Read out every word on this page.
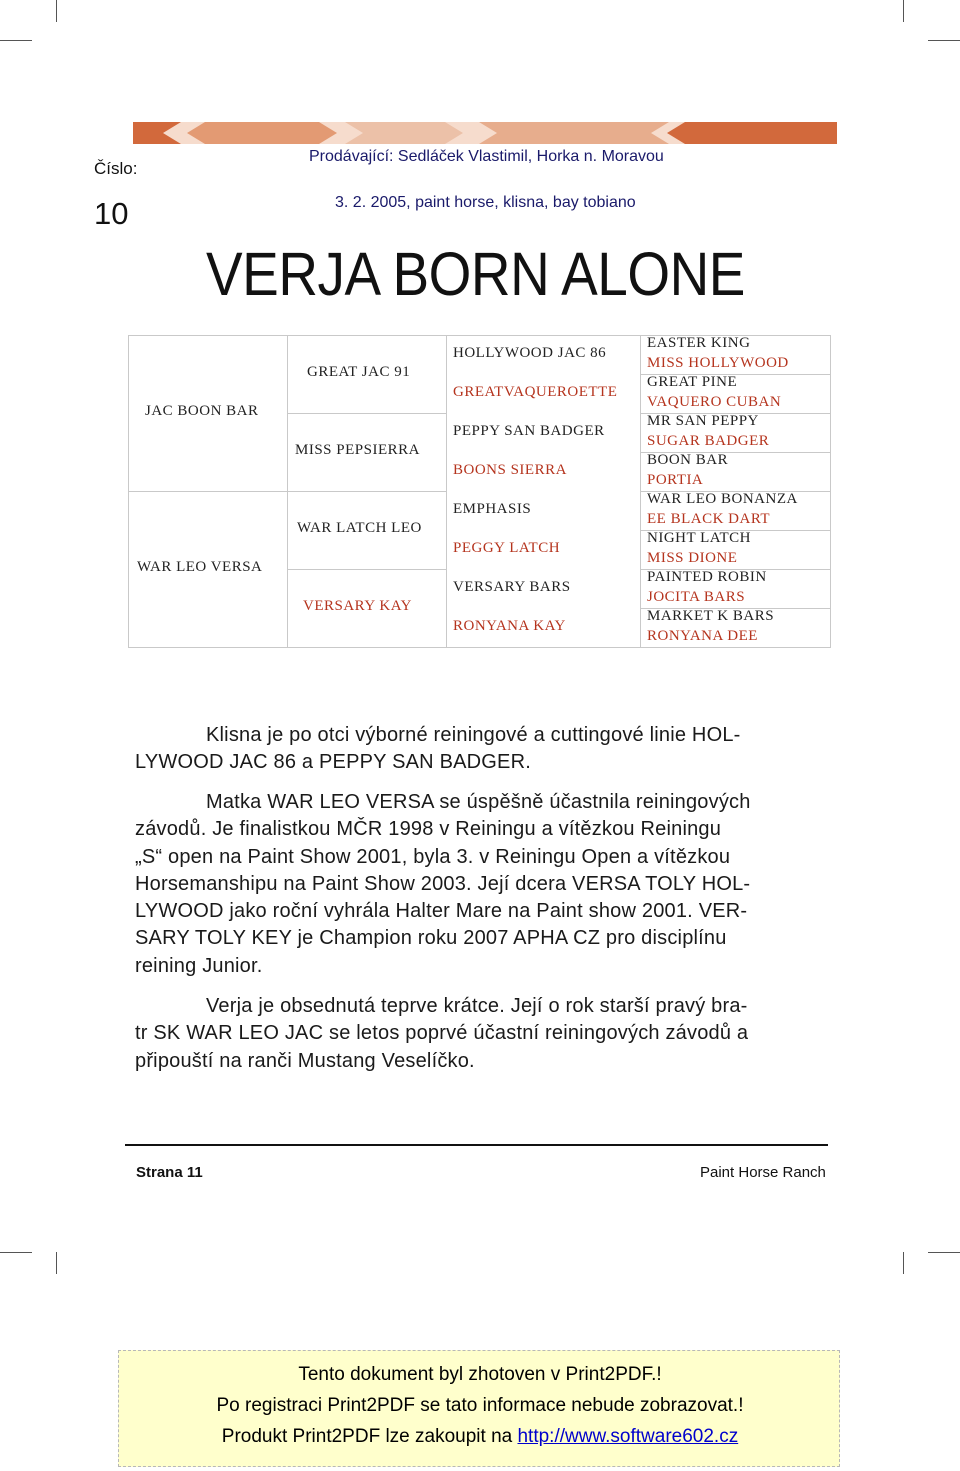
Číslo:
10
Prodávající: Sedláček Vlastimil, Horka n. Moravou
3. 2. 2005, paint horse, klisna, bay tobiano
VERJA BORN ALONE
JAC BOON BAR
WAR LEO VERSA
GREAT JAC 91
MISS PEPSIERRA
WAR LATCH LEO
VERSARY KAY
HOLLYWOOD JAC 86
GREATVAQUEROETTE
PEPPY SAN BADGER
BOONS SIERRA
EMPHASIS
PEGGY LATCH
VERSARY BARS
RONYANA KAY
EASTER KING
MISS HOLLYWOOD
GREAT PINE
VAQUERO CUBAN
MR SAN PEPPY
SUGAR BADGER
BOON BAR
PORTIA
WAR LEO BONANZA
EE BLACK DART
NIGHT LATCH
MISS DIONE
PAINTED ROBIN
JOCITA BARS
MARKET K BARS
RONYANA DEE
Klisna je po otci výborné reiningové a cuttingové linie HOL-
LYWOOD JAC 86 a PEPPY SAN BADGER.
Matka WAR LEO VERSA se úspěšně účastnila reiningových
závodů. Je finalistkou MČR 1998 v Reiningu a vítězkou Reiningu
„S“ open na Paint Show 2001, byla 3. v Reiningu Open a vítězkou
Horsemanshipu na Paint Show 2003. Její dcera VERSA TOLY HOL-
LYWOOD jako roční vyhrála Halter Mare na Paint show 2001. VER-
SARY TOLY KEY je Champion roku 2007 APHA CZ pro disciplínu
reining Junior.
Verja je obsednutá teprve krátce. Její o rok starší pravý bra-
tr SK WAR LEO JAC se letos poprvé účastní reiningových závodů a
připouští na ranči Mustang Veselíčko.
Strana 11	Paint Horse Ranch
Tento dokument byl zhotoven v Print2PDF.!
Po registraci Print2PDF se tato informace nebude zobrazovat.!
Produkt Print2PDF lze zakoupit na http://www.software602.cz
